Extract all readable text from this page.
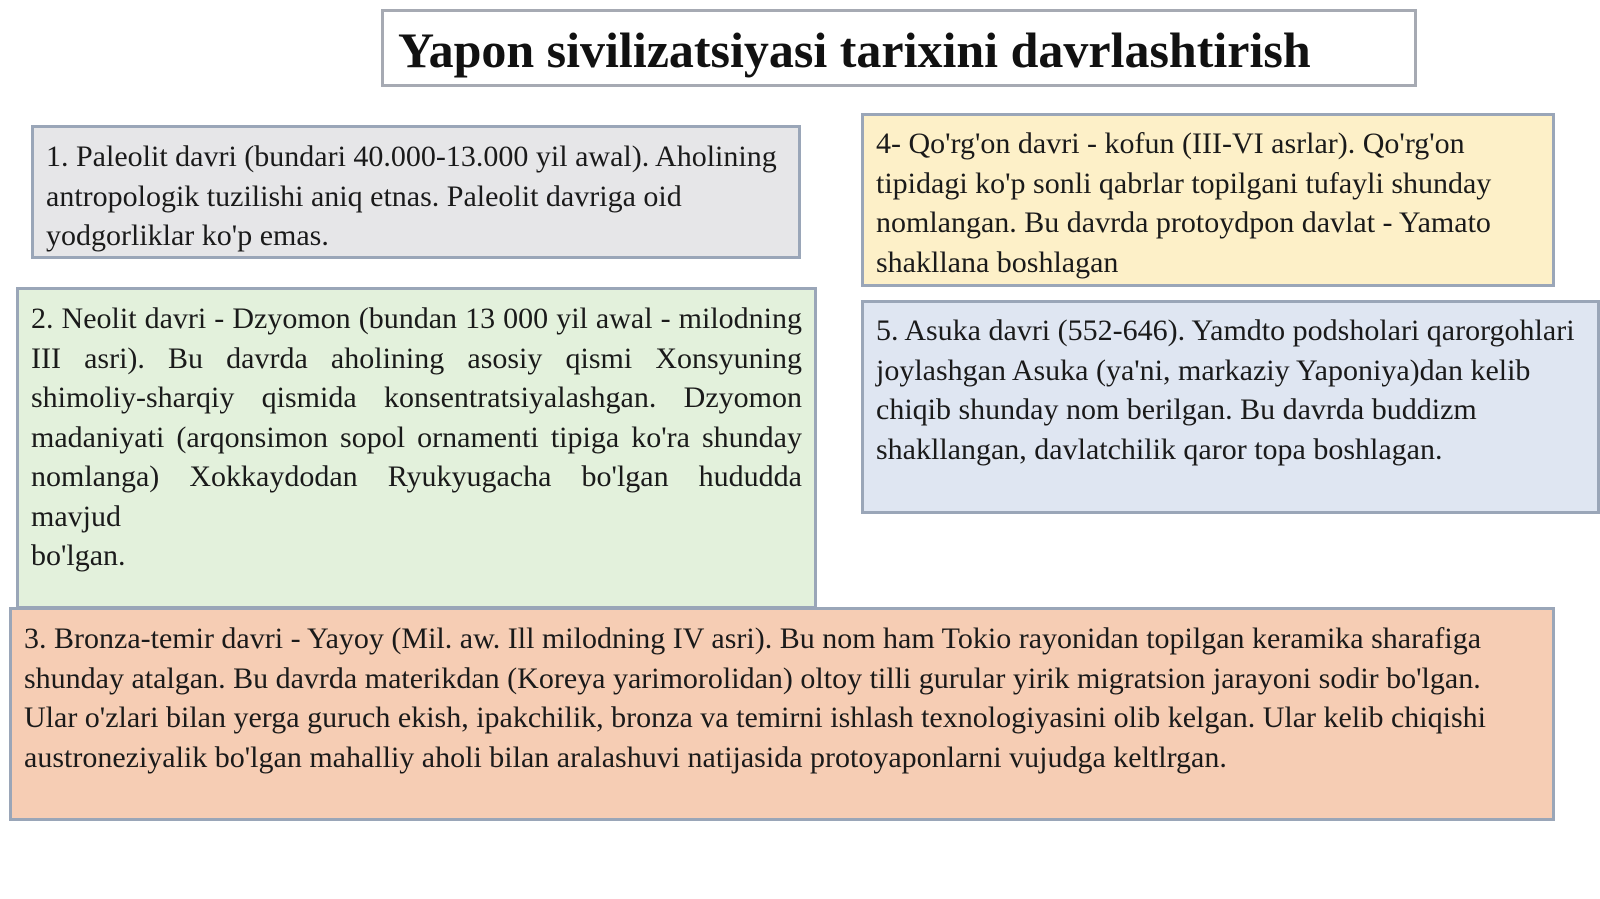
Yapon sivilizatsiyasi tarixini davrlashtirish

1. Paleolit davri (bundari 40.000-13.000 yil awal). Aholining antropologik tuzilishi aniq etnas. Paleolit davriga oid yodgorliklar ko'p emas.

2. Neolit davri - Dzyomon (bundan 13 000 yil awal - milodning III asri). Bu davrda aholining asosiy qismi Xonsyuning shimoliy-sharqiy qismida konsentratsiyalashgan. Dzyomon madaniyati (arqonsimon sopol ornamenti tipiga ko'ra shunday nomlanga) Xokkaydodan Ryukyugacha bo'lgan hududda mavjud

bo'lgan.

4- Qo'rg'on davri - kofun (III-VI asrlar). Qo'rg'on tipidagi ko'p sonli qabrlar topilgani tufayli shunday nomlangan. Bu davrda protoydpon davlat - Yamato shakllana boshlagan

5. Asuka davri (552-646). Yamdto podsholari qarorgohlari joylashgan Asuka (ya'ni, markaziy Yaponiya)dan kelib chiqib shunday nom berilgan. Bu davrda buddizm shakllangan, davlatchilik qaror topa boshlagan.

3. Bronza-temir davri - Yayoy (Mil. aw. Ill milodning IV asri). Bu nom ham Tokio rayonidan topilgan keramika sharafiga shunday atalgan. Bu davrda materikdan (Koreya yarimorolidan) oltoy tilli gurular yirik migratsion jarayoni sodir bo'lgan. Ular o'zlari bilan yerga guruch ekish, ipakchilik, bronza va temirni ishlash texnologiyasini olib kelgan. Ular kelib chiqishi austroneziyalik bo'lgan mahalliy aholi bilan aralashuvi natijasida protoyaponlarni vujudga keltlrgan.
